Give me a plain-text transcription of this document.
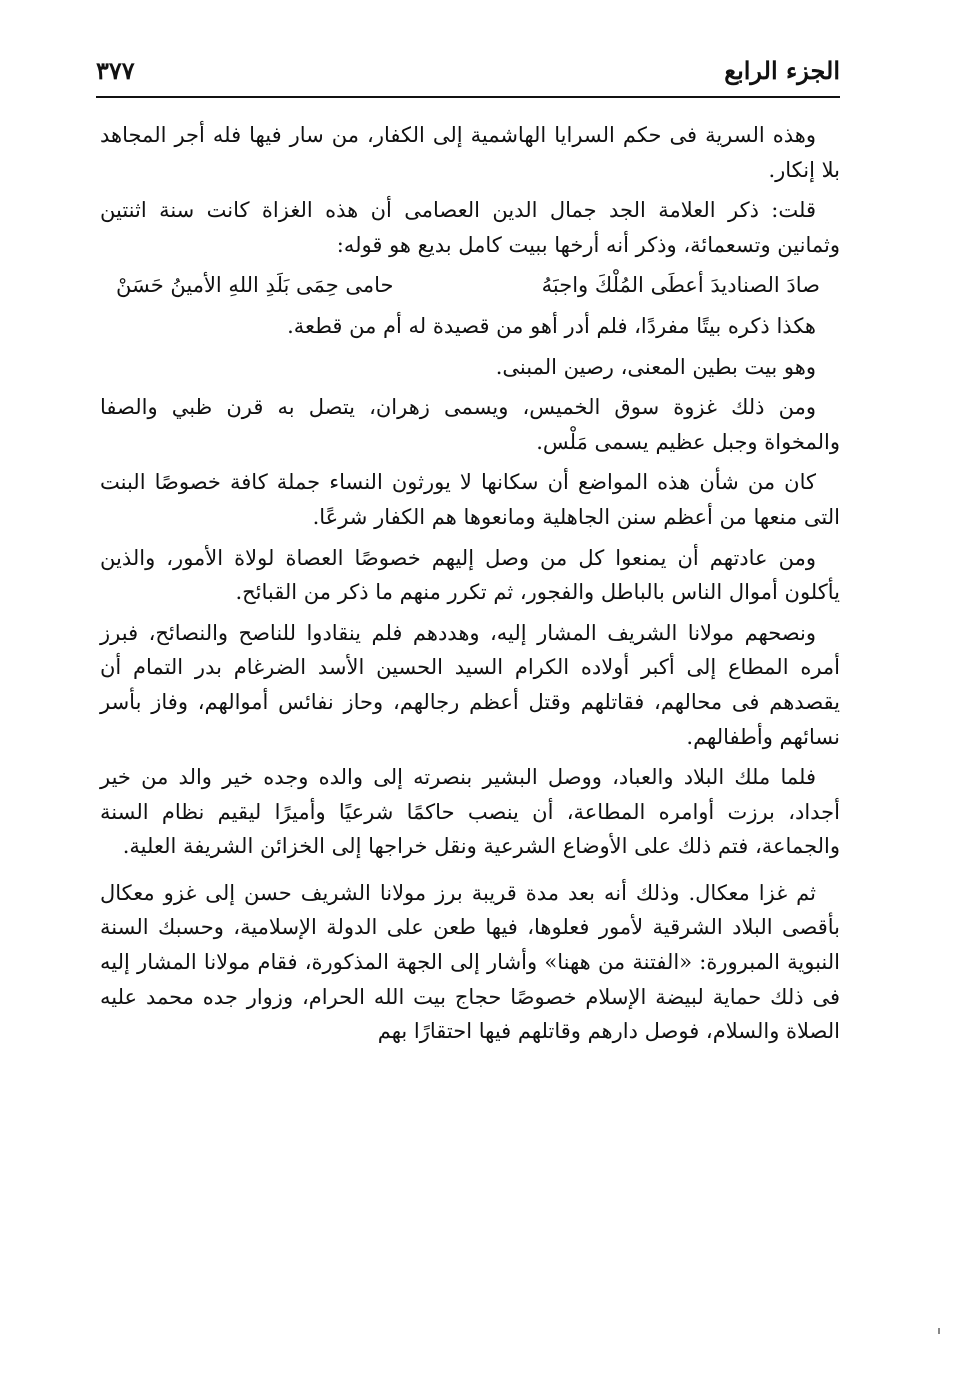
الجزء الرابع
٣٧٧

وهذه السرية فى حكم السرايا الهاشمية إلى الكفار، من سار فيها فله أجر المجاهد بلا إنكار.

قلت: ذكر العلامة الجد جمال الدين العصامى أن هذه الغزاة كانت سنة اثنتين وثمانين وتسعمائة، وذكر أنه أرخها ببيت كامل بديع هو قوله:

صادَ الصناديدَ أعطَى المُلْكَ واجبَهُ
حامى حِمَى بَلَدِ اللهِ الأمينُ حَسَنْ

هكذا ذكره بيتًا مفردًا، فلم أدر أهو من قصيدة له أم من قطعة.

وهو بيت بطين المعنى، رصين المبنى.

ومن ذلك غزوة سوق الخميس، ويسمى زهران، يتصل به قرن ظبي والصفا والمخواة وجبل عظيم يسمى مَلْس.

كان من شأن هذه المواضع أن سكانها لا يورثون النساء جملة كافة خصوصًا البنت التى منعها من أعظم سنن الجاهلية ومانعوها هم الكفار شرعًا.

ومن عادتهم أن يمنعوا كل من وصل إليهم خصوصًا العصاة لولاة الأمور، والذين يأكلون أموال الناس بالباطل والفجور، ثم تكرر منهم ما ذكر من القبائح.

ونصحهم مولانا الشريف المشار إليه، وهددهم فلم ينقادوا للناصح والنصائح، فبرز أمره المطاع إلى أكبر أولاده الكرام السيد الحسين الأسد الضرغام بدر التمام أن يقصدهم فى محالهم، فقاتلهم وقتل أعظم رجالهم، وحاز نفائس أموالهم، وفاز بأسر نسائهم وأطفالهم.

فلما ملك البلاد والعباد، ووصل البشير بنصرته إلى والده وجده خير والد من خير أجداد، برزت أوامره المطاعة، أن ينصب حاكمًا شرعيًا وأميرًا ليقيم نظام السنة والجماعة، فتم ذلك على الأوضاع الشرعية ونقل خراجها إلى الخزائن الشريفة العلية.

ثم غزا معكال. وذلك أنه بعد مدة قريبة برز مولانا الشريف حسن إلى غزو معكال بأقصى البلاد الشرقية لأمور فعلوها، فيها طعن على الدولة الإسلامية، وحسبك السنة النبوية المبرورة: «الفتنة من ههنا» وأشار إلى الجهة المذكورة، فقام مولانا المشار إليه فى ذلك حماية لبيضة الإسلام خصوصًا حجاج بيت الله الحرام، وزوار جده محمد عليه الصلاة والسلام، فوصل دارهم وقاتلهم فيها احتقارًا بهم
